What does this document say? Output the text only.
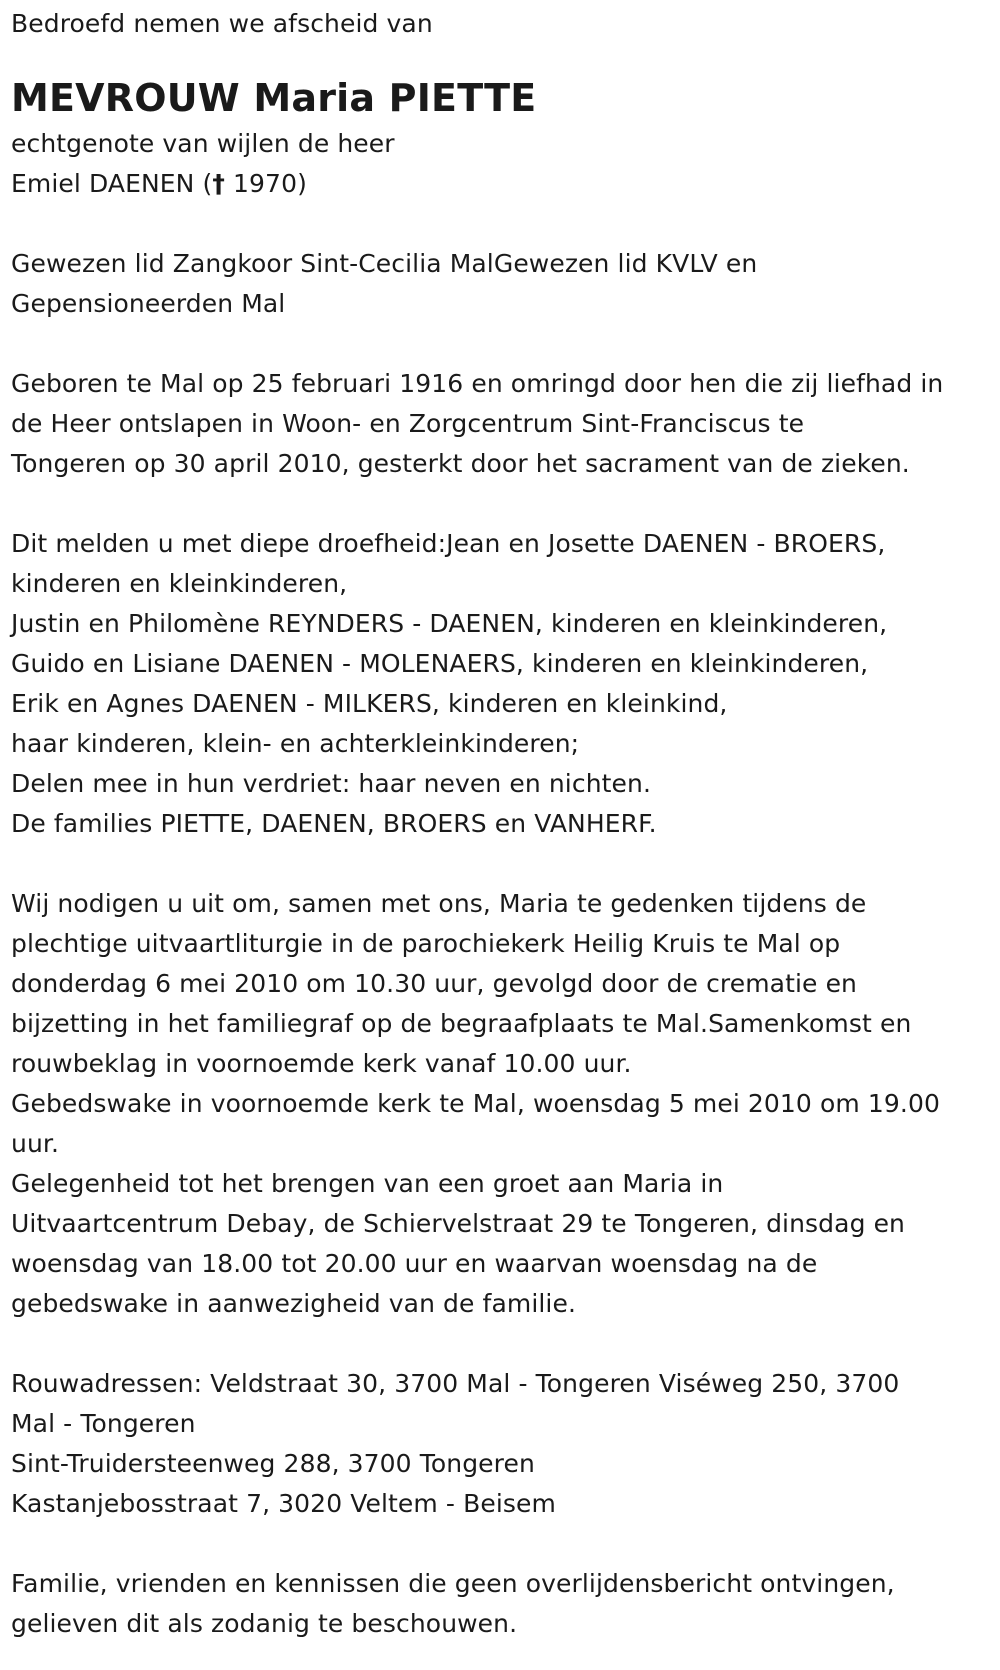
Bedroefd nemen we afscheid van
MEVROUW Maria PIETTE
echtgenote van wijlen de heer
Emiel DAENEN († 1970)
Gewezen lid Zangkoor Sint-Cecilia MalGewezen lid KVLV en
Gepensioneerden Mal
Geboren te Mal op 25 februari 1916 en omringd door hen die zij liefhad in
de Heer ontslapen in Woon- en Zorgcentrum Sint-Franciscus te
Tongeren op 30 april 2010, gesterkt door het sacrament van de zieken.
Dit melden u met diepe droefheid:Jean en Josette DAENEN - BROERS,
kinderen en kleinkinderen,
Justin en Philomène REYNDERS - DAENEN, kinderen en kleinkinderen,
Guido en Lisiane DAENEN - MOLENAERS, kinderen en kleinkinderen,
Erik en Agnes DAENEN - MILKERS, kinderen en kleinkind,
haar kinderen, klein- en achterkleinkinderen;
Delen mee in hun verdriet: haar neven en nichten.
De families PIETTE, DAENEN, BROERS en VANHERF.
Wij nodigen u uit om, samen met ons, Maria te gedenken tijdens de
plechtige uitvaartliturgie in de parochiekerk Heilig Kruis te Mal op
donderdag 6 mei 2010 om 10.30 uur, gevolgd door de crematie en
bijzetting in het familiegraf op de begraafplaats te Mal.Samenkomst en
rouwbeklag in voornoemde kerk vanaf 10.00 uur.
Gebedswake in voornoemde kerk te Mal, woensdag 5 mei 2010 om 19.00
uur.
Gelegenheid tot het brengen van een groet aan Maria in
Uitvaartcentrum Debay, de Schiervelstraat 29 te Tongeren, dinsdag en
woensdag van 18.00 tot 20.00 uur en waarvan woensdag na de
gebedswake in aanwezigheid van de familie.
Rouwadressen: Veldstraat 30, 3700 Mal - Tongeren Viséweg 250, 3700
Mal - Tongeren
Sint-Truidersteenweg 288, 3700 Tongeren
Kastanjebosstraat 7, 3020 Veltem - Beisem
Familie, vrienden en kennissen die geen overlijdensbericht ontvingen,
gelieven dit als zodanig te beschouwen.
